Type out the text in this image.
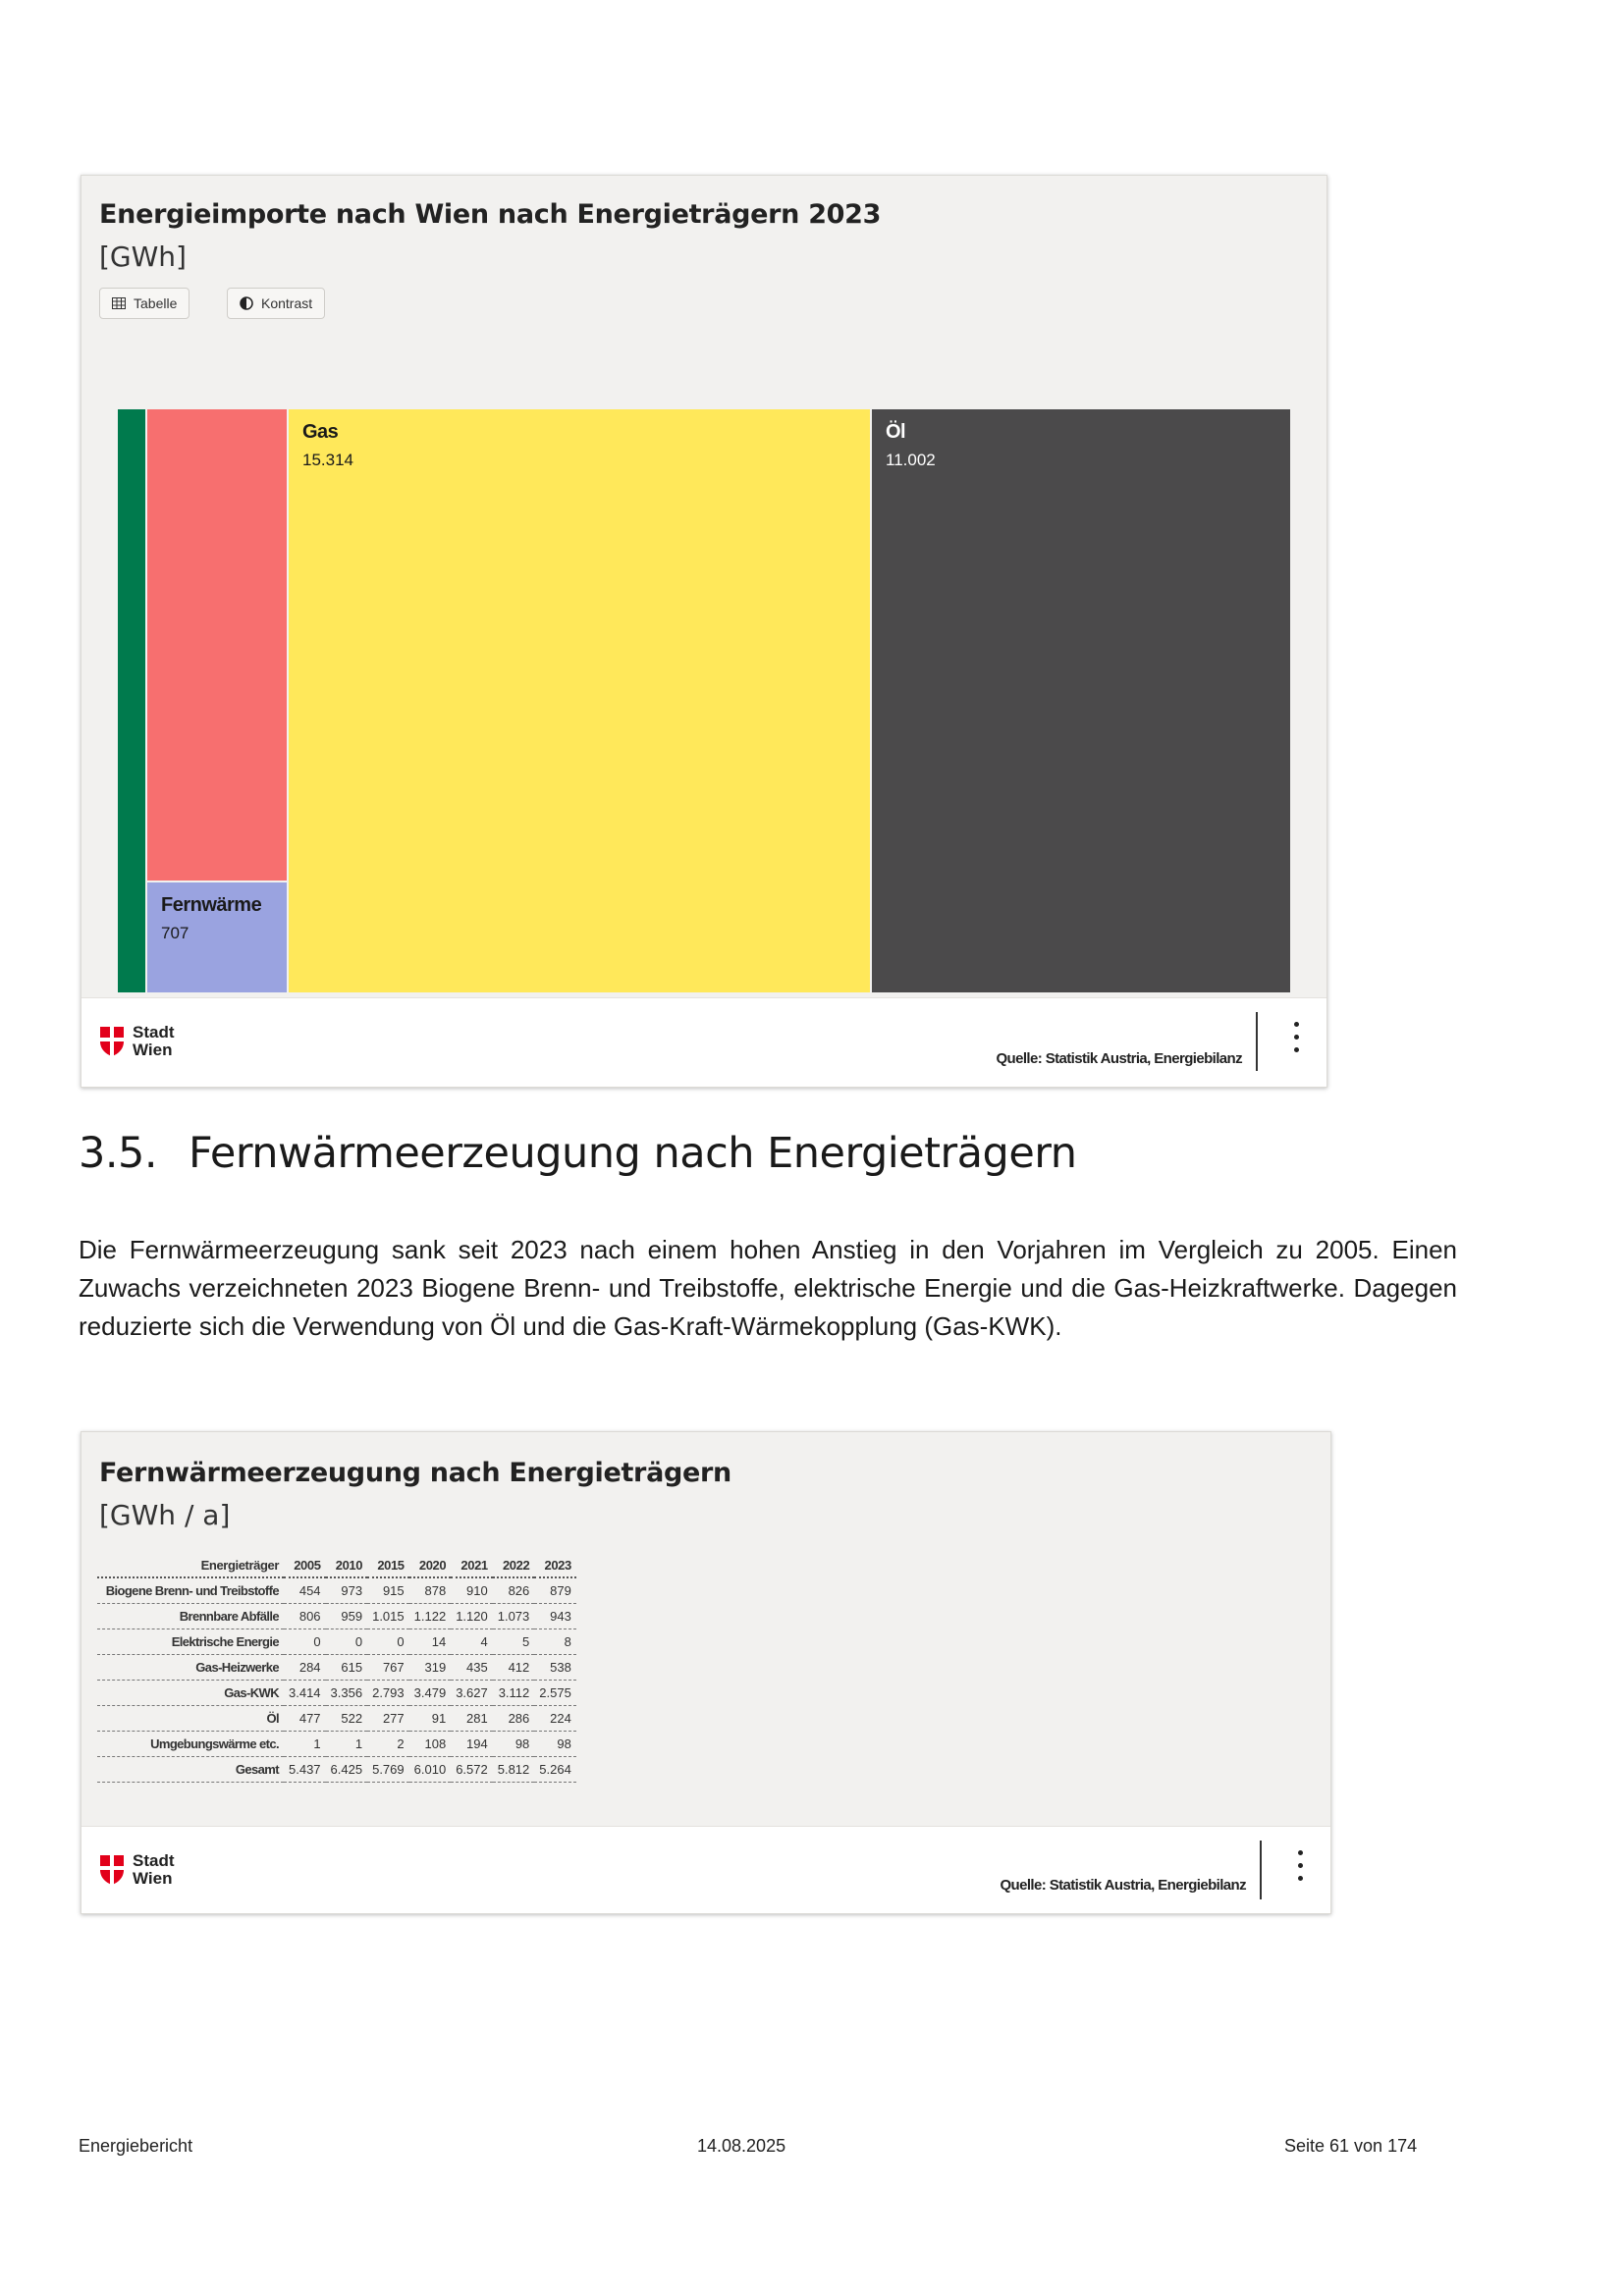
Energieimporte nach Wien nach Energieträgern 2023
[GWh]
Tabelle	Kontrast
Fernwärme
707
Gas
15.314
Öl
11.002
Stadt
Wien	Quelle: Statistik Austria, Energiebilanz
3.5. Fernwärmeerzeugung nach Energieträgern

Die Fernwärmeerzeugung sank seit 2023 nach einem hohen Anstieg in den Vorjahren im Vergleich zu 2005. Einen Zuwachs verzeichneten 2023 Biogene Brenn- und Treibstoffe, elektrische Energie und die Gas-Heizkraftwerke. Dagegen reduzierte sich die Verwendung von Öl und die Gas-Kraft-Wärmekopplung (Gas-KWK).

Fernwärmeerzeugung nach Energieträgern
[GWh / a]
Energieträger	2005	2010	2015	2020	2021	2022	2023
Biogene Brenn- und Treibstoffe	454	973	915	878	910	826	879
Brennbare Abfälle	806	959	1.015	1.122	1.120	1.073	943
Elektrische Energie	0	0	0	14	4	5	8
Gas-Heizwerke	284	615	767	319	435	412	538
Gas-KWK	3.414	3.356	2.793	3.479	3.627	3.112	2.575
Öl	477	522	277	91	281	286	224
Umgebungswärme etc.	1	1	2	108	194	98	98
Gesamt	5.437	6.425	5.769	6.010	6.572	5.812	5.264
Stadt
Wien	Quelle: Statistik Austria, Energiebilanz
Energiebericht	14.08.2025	Seite 61 von 174
